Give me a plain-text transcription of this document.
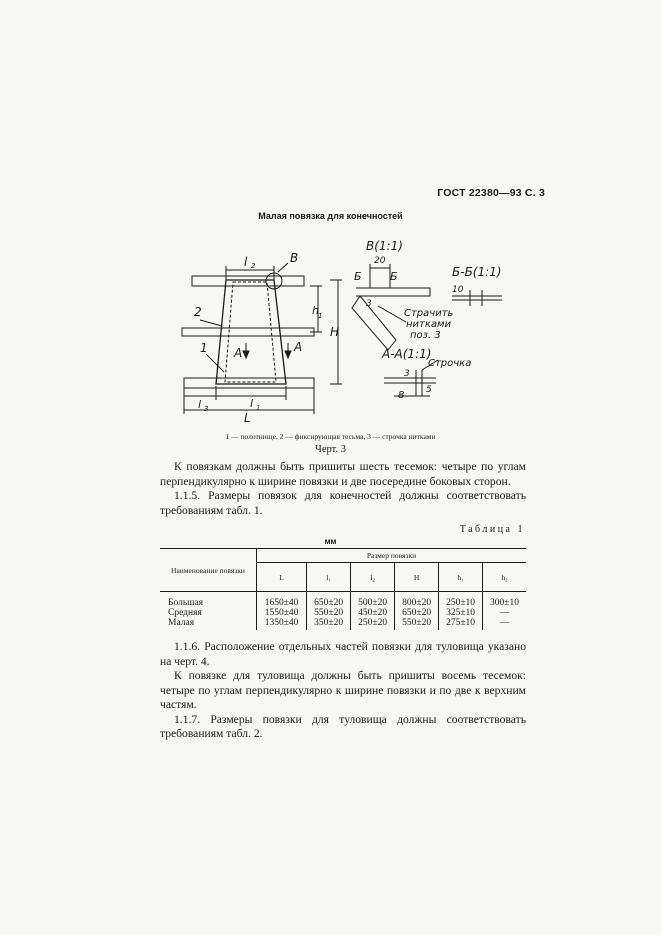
ГОСТ 22380—93 С. 3
Малая повязка для конечностей
l 2
В
2
1 А	А
h 1
H
l 3	l 1
L
В(1:1)
20
Б	Б
3
Страчить
нитками
поз. 3
Б-Б(1:1)
10
А-А(1:1)
Строчка
3
5
8
1 — полотнище, 2 — фиксирующая тесьма, 3 — строчка нитками
Черт. 3

К повязкам должны быть пришиты шесть тесемок: четыре по углам перпендикулярно к ширине повязки и две посередине боковых сторон.

1.1.5. Размеры повязок для конечностей должны соответствовать требованиям табл. 1.

Таблица 1
мм
Наименование повязки	Размер повязки					
	L	l₁	l₂	H	h₁	h₂

Большая	1650±40	650±20	500±20	800±20	250±10	300±10
Средняя	1550±40	550±20	450±20	650±20	325±10	—
Малая	1350±40	350±20	250±20	550±20	275±10	—

1.1.6. Расположение отдельных частей повязки для туловища указано на черт. 4.

К повязке для туловища должны быть пришиты восемь тесемок: четыре по углам перпендикулярно к ширине повязки и по две к верхним частям.

1.1.7. Размеры повязки для туловища должны соответствовать требованиям табл. 2.
